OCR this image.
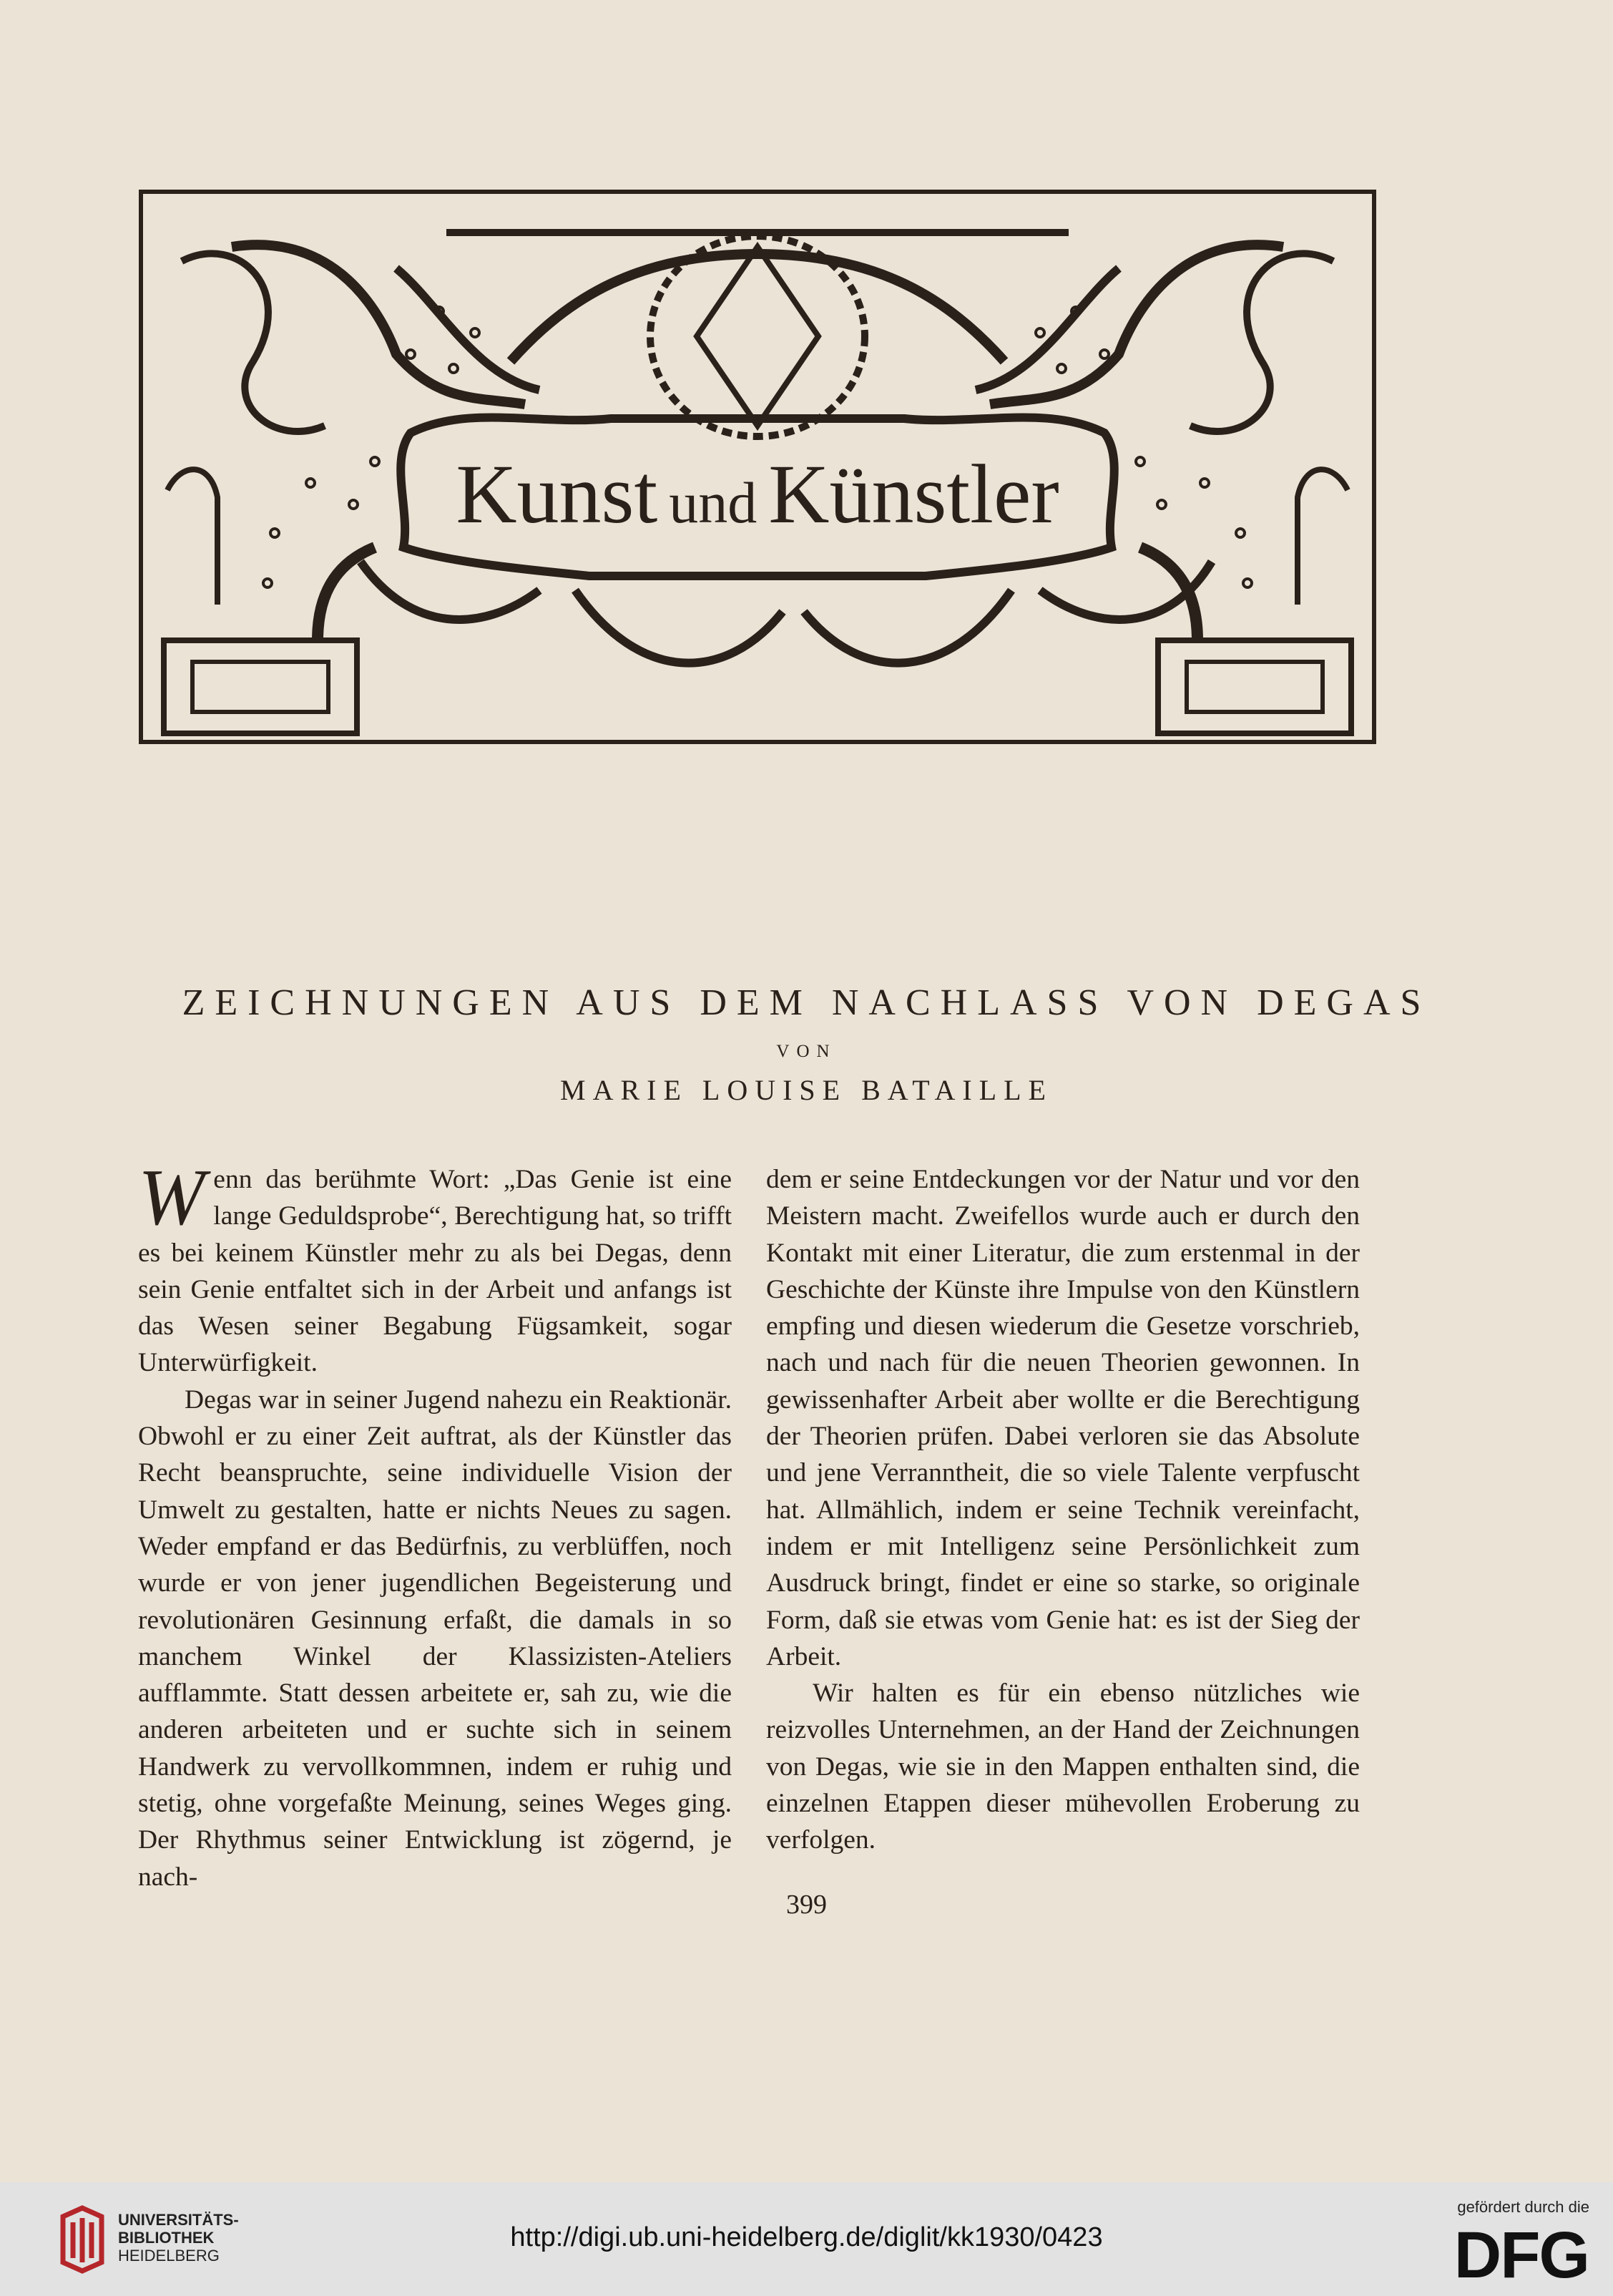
Kunst und Künstler
ZEICHNUNGEN AUS DEM NACHLASS VON DEGAS
VON
MARIE LOUISE BATAILLE

Wenn das berühmte Wort: „Das Genie ist eine lange Geduldsprobe“, Berechtigung hat, so trifft es bei keinem Künstler mehr zu als bei Degas, denn sein Genie entfaltet sich in der Arbeit und anfangs ist das Wesen seiner Begabung Fügsamkeit, sogar Unterwürfigkeit.

Degas war in seiner Jugend nahezu ein Reaktionär. Obwohl er zu einer Zeit auftrat, als der Künstler das Recht beanspruchte, seine individuelle Vision der Umwelt zu gestalten, hatte er nichts Neues zu sagen. Weder empfand er das Bedürfnis, zu verblüffen, noch wurde er von jener jugendlichen Begeisterung und revolutionären Gesinnung erfaßt, die damals in so manchem Winkel der Klassizisten-Ateliers aufflammte. Statt dessen arbeitete er, sah zu, wie die anderen arbeiteten und er suchte sich in seinem Handwerk zu vervollkommnen, indem er ruhig und stetig, ohne vorgefaßte Meinung, seines Weges ging. Der Rhythmus seiner Entwicklung ist zögernd, je nach-

dem er seine Entdeckungen vor der Natur und vor den Meistern macht. Zweifellos wurde auch er durch den Kontakt mit einer Literatur, die zum erstenmal in der Geschichte der Künste ihre Impulse von den Künstlern empfing und diesen wiederum die Gesetze vorschrieb, nach und nach für die neuen Theorien gewonnen. In gewissenhafter Arbeit aber wollte er die Berechtigung der Theorien prüfen. Dabei verloren sie das Absolute und jene Verranntheit, die so viele Talente verpfuscht hat. Allmählich, indem er seine Technik vereinfacht, indem er mit Intelligenz seine Persönlichkeit zum Ausdruck bringt, findet er eine so starke, so originale Form, daß sie etwas vom Genie hat: es ist der Sieg der Arbeit.

Wir halten es für ein ebenso nützliches wie reizvolles Unternehmen, an der Hand der Zeichnungen von Degas, wie sie in den Mappen enthalten sind, die einzelnen Etappen dieser mühevollen Eroberung zu verfolgen.

399
UNIVERSITÄTS-
BIBLIOTHEK
HEIDELBERG
http://digi.ub.uni-heidelberg.de/diglit/kk1930/0423
gefördert durch die
DFG
